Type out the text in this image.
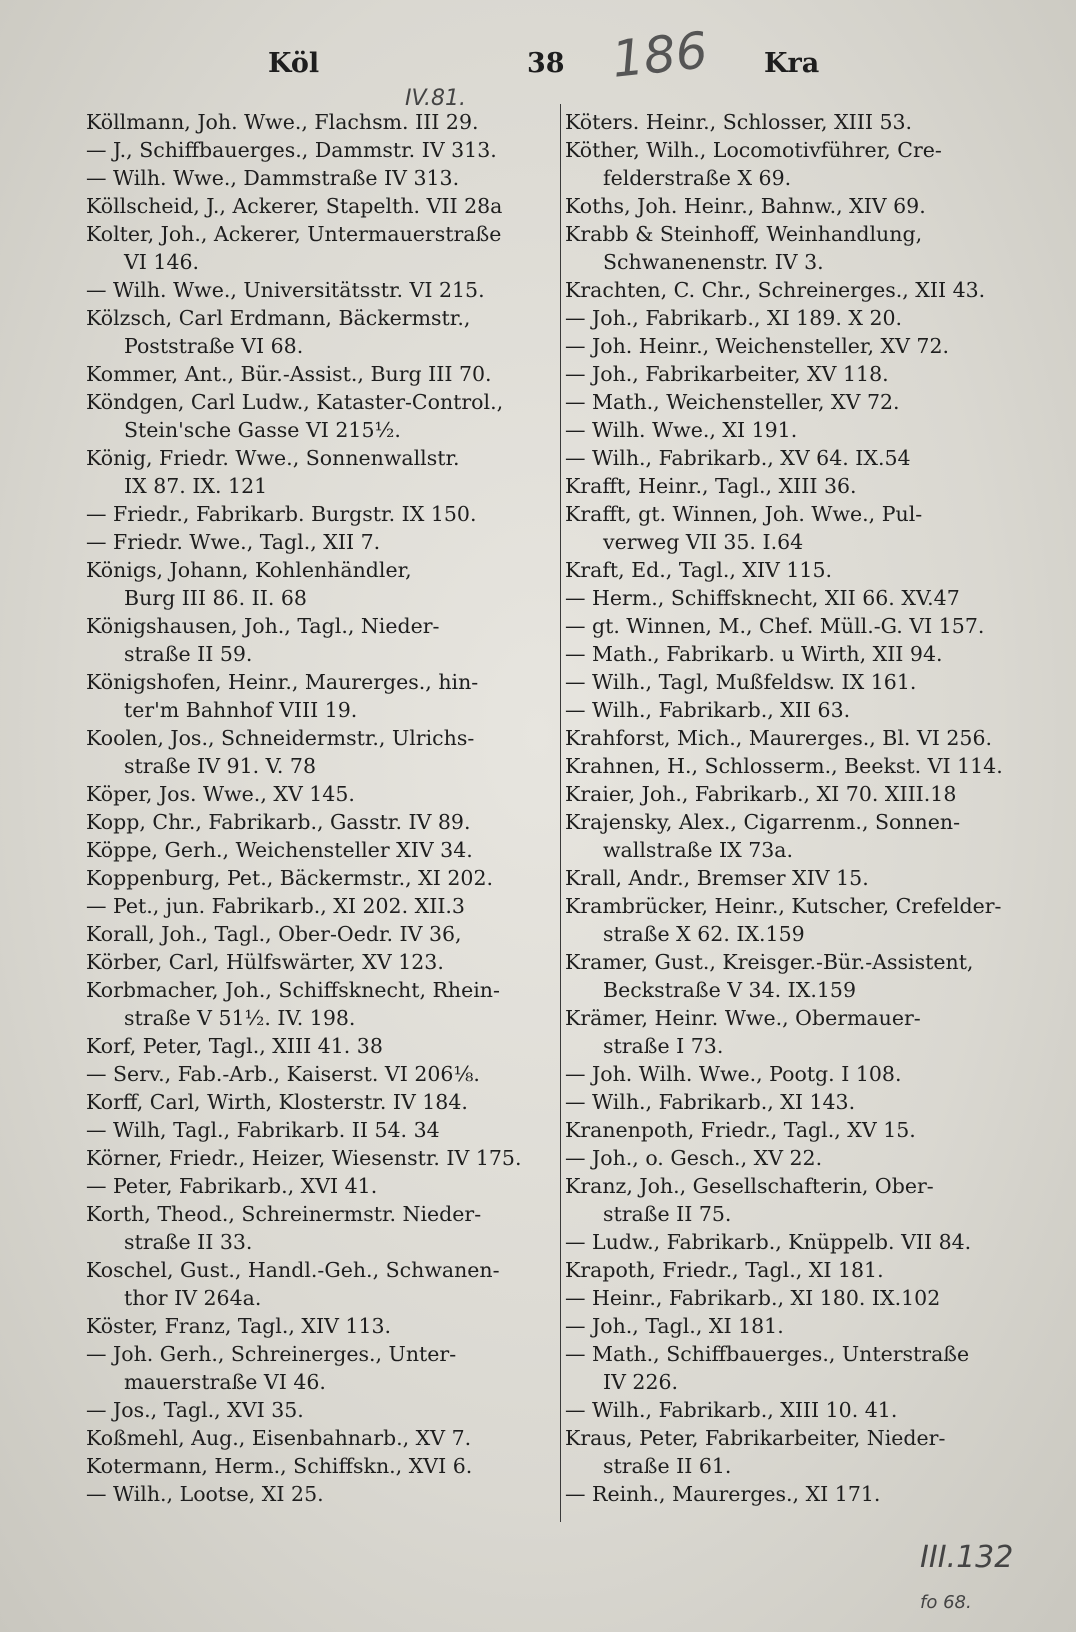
Köl	38 186 Kra
IV.81.
Köllmann, Joh. Wwe., Flachsm. III 29.
— J., Schiffbauerges., Dammstr. IV 313.
— Wilh. Wwe., Dammstraße IV 313.
Köllscheid, J., Ackerer, Stapelth. VII 28a
Kolter, Joh., Ackerer, Untermauerstraße
VI 146.
— Wilh. Wwe., Universitätsstr. VI 215.
Kölzsch, Carl Erdmann, Bäckermstr.,
Poststraße VI 68.
Kommer, Ant., Bür.-Assist., Burg III 70.
Köndgen, Carl Ludw., Kataster-Control.,
Stein'sche Gasse VI 215½.
König, Friedr. Wwe., Sonnenwallstr.
IX 87. IX. 121
— Friedr., Fabrikarb. Burgstr. IX 150.
— Friedr. Wwe., Tagl., XII 7.
Königs, Johann, Kohlenhändler,
Burg III 86. II. 68
Königshausen, Joh., Tagl., Nieder-
straße II 59.
Königshofen, Heinr., Maurerges., hin-
ter'm Bahnhof VIII 19.
Koolen, Jos., Schneidermstr., Ulrichs-
straße IV 91. V. 78
Köper, Jos. Wwe., XV 145.
Kopp, Chr., Fabrikarb., Gasstr. IV 89.
Köppe, Gerh., Weichensteller XIV 34.
Koppenburg, Pet., Bäckermstr., XI 202.
— Pet., jun. Fabrikarb., XI 202. XII.3
Korall, Joh., Tagl., Ober-Oedr. IV 36,
Körber, Carl, Hülfswärter, XV 123.
Korbmacher, Joh., Schiffsknecht, Rhein-
straße V 51½. IV. 198.
Korf, Peter, Tagl., XIII 41. 38
— Serv., Fab.-Arb., Kaiserst. VI 206⅛.
Korff, Carl, Wirth, Klosterstr. IV 184.
— Wilh, Tagl., Fabrikarb. II 54. 34
Körner, Friedr., Heizer, Wiesenstr. IV 175.
— Peter, Fabrikarb., XVI 41.
Korth, Theod., Schreinermstr. Nieder-
straße II 33.
Koschel, Gust., Handl.-Geh., Schwanen-
thor IV 264a.
Köster, Franz, Tagl., XIV 113.
— Joh. Gerh., Schreinerges., Unter-
mauerstraße VI 46.
— Jos., Tagl., XVI 35.
Koßmehl, Aug., Eisenbahnarb., XV 7.
Kotermann, Herm., Schiffskn., XVI 6.
— Wilh., Lootse, XI 25.
Köters. Heinr., Schlosser, XIII 53.
Köther, Wilh., Locomotivführer, Cre-
felderstraße X 69.
Koths, Joh. Heinr., Bahnw., XIV 69.
Krabb & Steinhoff, Weinhandlung,
Schwanenenstr. IV 3.
Krachten, C. Chr., Schreinerges., XII 43.
— Joh., Fabrikarb., XI 189. X 20.
— Joh. Heinr., Weichensteller, XV 72.
— Joh., Fabrikarbeiter, XV 118.
— Math., Weichensteller, XV 72.
— Wilh. Wwe., XI 191.
— Wilh., Fabrikarb., XV 64. IX.54
Krafft, Heinr., Tagl., XIII 36.
Krafft, gt. Winnen, Joh. Wwe., Pul-
verweg VII 35. I.64
Kraft, Ed., Tagl., XIV 115.
— Herm., Schiffsknecht, XII 66. XV.47
— gt. Winnen, M., Chef. Müll.-G. VI 157.
— Math., Fabrikarb. u Wirth, XII 94.
— Wilh., Tagl, Mußfeldsw. IX 161.
— Wilh., Fabrikarb., XII 63.
Krahforst, Mich., Maurerges., Bl. VI 256.
Krahnen, H., Schlosserm., Beekst. VI 114.
Kraier, Joh., Fabrikarb., XI 70. XIII.18
Krajensky, Alex., Cigarrenm., Sonnen-
wallstraße IX 73a.
Krall, Andr., Bremser XIV 15.
Krambrücker, Heinr., Kutscher, Crefelder-
straße X 62. IX.159
Kramer, Gust., Kreisger.-Bür.-Assistent,
Beckstraße V 34. IX.159
Krämer, Heinr. Wwe., Obermauer-
straße I 73.
— Joh. Wilh. Wwe., Pootg. I 108.
— Wilh., Fabrikarb., XI 143.
Kranenpoth, Friedr., Tagl., XV 15.
— Joh., o. Gesch., XV 22.
Kranz, Joh., Gesellschafterin, Ober-
straße II 75.
— Ludw., Fabrikarb., Knüppelb. VII 84.
Krapoth, Friedr., Tagl., XI 181.
— Heinr., Fabrikarb., XI 180. IX.102
— Joh., Tagl., XI 181.
— Math., Schiffbauerges., Unterstraße
IV 226.
— Wilh., Fabrikarb., XIII 10. 41.
Kraus, Peter, Fabrikarbeiter, Nieder-
straße II 61.
— Reinh., Maurerges., XI 171.
III.132
fo 68.
